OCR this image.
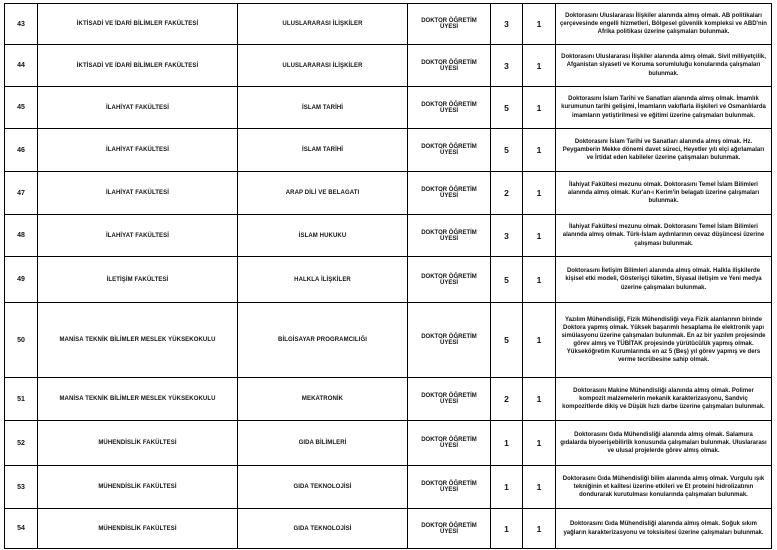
43	İKTİSADİ VE İDARİ BİLİMLER FAKÜLTESİ	ULUSLARARASI İLİŞKİLER	DOKTOR ÖĞRETİM ÜYESİ	3	1	Doktorasını Uluslararası İlişkiler alanında almış olmak. AB politikaları çerçevesinde engelli hizmetleri, Bölgesel güvenlik kompleksi ve ABD'nin Afrika politikası üzerine çalışmaları bulunmak.
44	İKTİSADİ VE İDARİ BİLİMLER FAKÜLTESİ	ULUSLARARASI İLİŞKİLER	DOKTOR ÖĞRETİM ÜYESİ	3	1	Doktorasını Uluslararası İlişkiler alanında almış olmak. Sivil milliyetçilik, Afganistan siyaseti ve Koruma sorumluluğu konularında çalışmaları bulunmak.
45	İLAHİYAT FAKÜLTESİ	İSLAM TARİHİ	DOKTOR ÖĞRETİM ÜYESİ	5	1	Doktorasını İslam Tarihi ve Sanatları alanında almış olmak. İmamlık kurumunun tarihi gelişimi, İmamların vakıflarla ilişkileri ve Osmanlılarda imamların yetiştirilmesi ve eğitimi üzerine çalışmaları bulunmak.
46	İLAHİYAT FAKÜLTESİ	İSLAM TARİHİ	DOKTOR ÖĞRETİM ÜYESİ	5	1	Doktorasını İslam Tarihi ve Sanatları alanında almış olmak. Hz. Peygamberin Mekke dönemi davet süreci, Heyetler yılı elçi ağırlamaları ve İrtidat eden kabileler üzerine çalışmaları bulunmak.
47	İLAHİYAT FAKÜLTESİ	ARAP DİLİ VE BELAGATI	DOKTOR ÖĞRETİM ÜYESİ	2	1	İlahiyat Fakültesi mezunu olmak. Doktorasını Temel İslam Bilimleri alanında almış olmak. Kur'an-ı Kerim'in belagatı üzerine çalışmaları bulunmak.
48	İLAHİYAT FAKÜLTESİ	İSLAM HUKUKU	DOKTOR ÖĞRETİM ÜYESİ	3	1	İlahiyat Fakültesi mezunu olmak. Doktorasını Temel İslam Bilimleri alanında almış olmak. Türk-İslam aydınlarının cevaz düşüncesi üzerine çalışması bulunmak.
49	İLETİŞİM FAKÜLTESİ	HALKLA İLİŞKİLER	DOKTOR ÖĞRETİM ÜYESİ	5	1	Doktorasını İletişim Bilimleri alanında almış olmak. Halkla ilişkilerde kişisel etki modeli, Gösterişçi tüketim, Siyasal iletişim ve Yeni medya üzerine çalışmaları bulunmak.
50	MANİSA TEKNİK BİLİMLER MESLEK YÜKSEKOKULU	BİLGİSAYAR PROGRAMCILIĞI	DOKTOR ÖĞRETİM ÜYESİ	5	1	Yazılım Mühendisliği, Fizik Mühendisliği veya Fizik alanlarının birinde Doktora yapmış olmak. Yüksek başarımlı hesaplama ile elektronik yapı simülasyonu üzerine çalışmaları bulunmak. En az bir yazılım projesinde görev almış ve TÜBİTAK projesinde yürütücülük yapmış olmak. Yükseköğretim Kurumlarında en az 5 (Beş) yıl görev yapmış ve ders verme tecrübesine sahip olmak.
51	MANİSA TEKNİK BİLİMLER MESLEK YÜKSEKOKULU	MEKATRONİK	DOKTOR ÖĞRETİM ÜYESİ	2	1	Doktorasını Makine Mühendisliği alanında almış olmak. Polimer kompozit malzemelerin mekanik karakterizasyonu, Sandviç kompozitlerde dikiş ve Düşük hızlı darbe üzerine çalışmaları bulunmak.
52	MÜHENDİSLİK FAKÜLTESİ	GIDA BİLİMLERİ	DOKTOR ÖĞRETİM ÜYESİ	1	1	Doktorasını Gıda Mühendisliği alanında almış olmak. Salamura gıdalarda biyoerişebilirlik konusunda çalışmaları bulunmak. Uluslararası ve ulusal projelerde görev almış olmak.
53	MÜHENDİSLİK FAKÜLTESİ	GIDA TEKNOLOJİSİ	DOKTOR ÖĞRETİM ÜYESİ	1	1	Doktorasını Gıda Mühendisliği bilim alanında almış olmak. Vurgulu ışık tekniğinin et kalitesi üzerine etkileri ve Et proteini hidrolizatının dondurarak kurutulması konularında çalışmaları bulunmak.
54	MÜHENDİSLİK FAKÜLTESİ	GIDA TEKNOLOJİSİ	DOKTOR ÖĞRETİM ÜYESİ	1	1	Doktorasını Gıda Mühendisliği alanında almış olmak. Soğuk sıkım yağların karakterizasyonu ve toksisitesi üzerine çalışmaları bulunmak.
